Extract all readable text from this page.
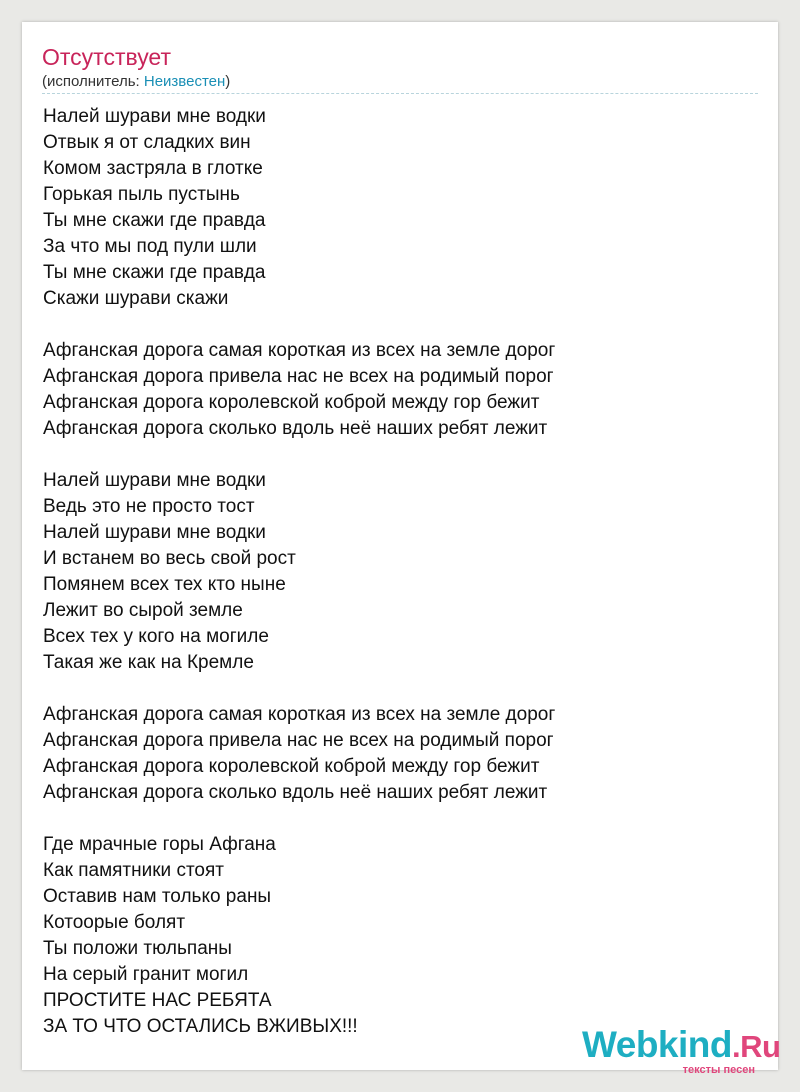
Отсутствует
(исполнитель: Неизвестен)
Налей шурави мне водки
Отвык я от сладких вин
Комом застряла в глотке
Горькая пыль пустынь
Ты мне скажи где правда
За что мы под пули шли
Ты мне скажи где правда
Скажи шурави скажи
Афганская дорога самая короткая из всех на земле дорог
Афганская дорога привела нас не всех на родимый порог
Афганская дорога королевской коброй между гор бежит
Афганская дорога сколько вдоль неё наших ребят лежит
Налей шурави мне водки
Ведь это не просто тост
Налей шурави мне водки
И встанем во весь свой рост
Помянем всех тех кто ныне
Лежит во сырой земле
Всех тех у кого на могиле
Такая же как на Кремле
Афганская дорога самая короткая из всех на земле дорог
Афганская дорога привела нас не всех на родимый порог
Афганская дорога королевской коброй между гор бежит
Афганская дорога сколько вдоль неё наших ребят лежит
Где мрачные горы Афгана
Как памятники стоят
Оставив нам только раны
Котоорые болят
Ты положи тюльпаны
На серый гранит могил
ПРОСТИТЕ НАС РЕБЯТА
ЗА ТО ЧТО ОСТАЛИСЬ ВЖИВЫХ!!!	Webkind.Ru
тексты песен
